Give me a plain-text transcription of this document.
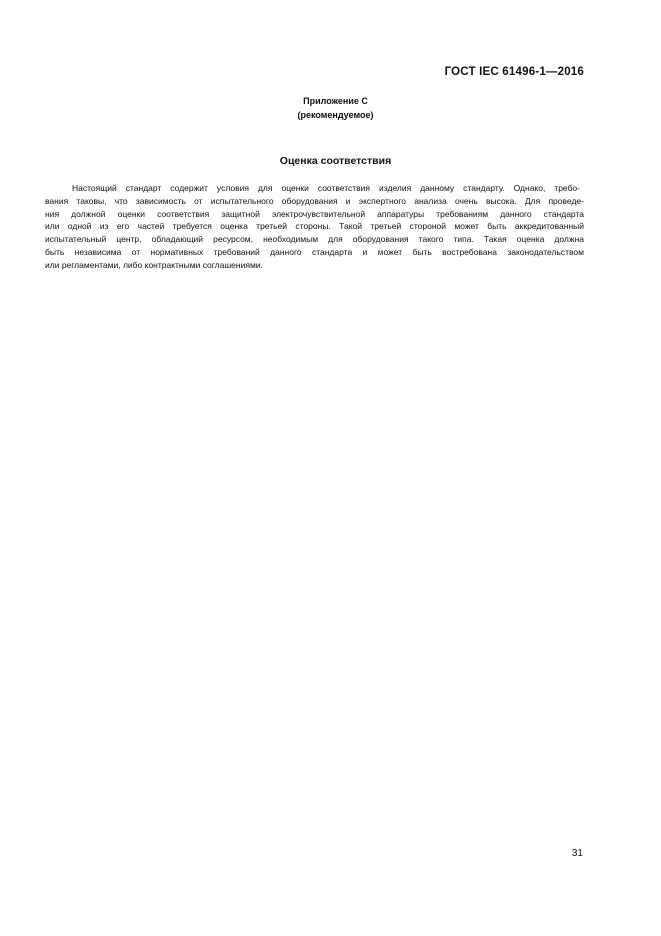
ГОСТ IEC 61496-1—2016
Приложение С
(рекомендуемое)
Оценка соответствия
Настоящий стандарт содержит условия для оценки соответствия изделия данному стандарту. Однако, требо-
вания таковы, что зависимость от испытательного оборудования и экспертного анализа очень высока. Для проведе-
ния должной оценки соответствия защитной электрочувствительной аппаратуры требованиям данного стандарта
или одной из его частей требуется оценка третьей стороны. Такой третьей стороной может быть аккредитованный
испытательный центр, обладающий ресурсом, необходимым для оборудования такого типа. Такая оценка должна
быть независима от нормативных требований данного стандарта и может быть востребована законодательством
или регламентами, либо контрактными соглашениями.
31
